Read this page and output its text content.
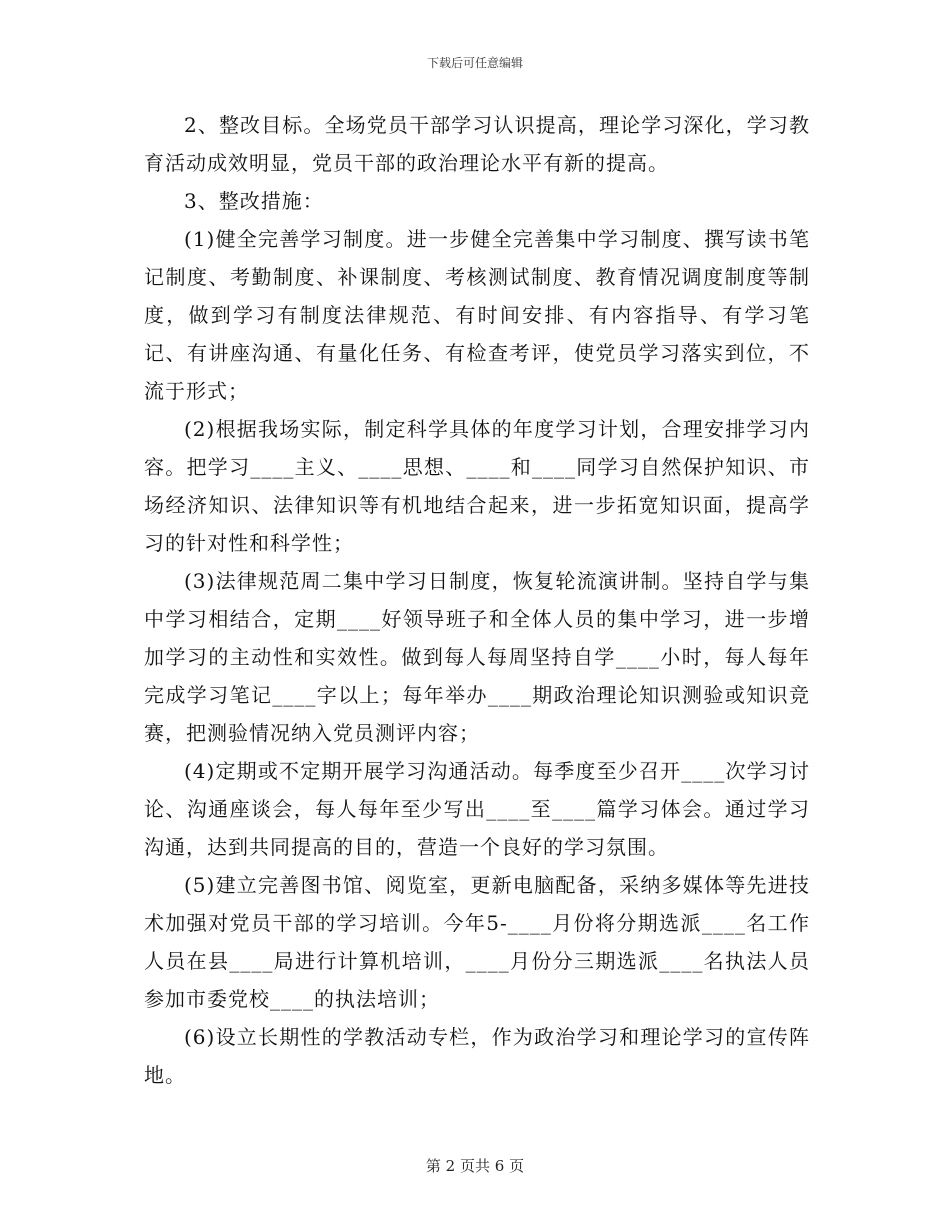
下载后可任意编辑

2、整改目标。全场党员干部学习认识提高，理论学习深化，学习教育活动成效明显，党员干部的政治理论水平有新的提高。

3、整改措施：

(1)健全完善学习制度。进一步健全完善集中学习制度、撰写读书笔记制度、考勤制度、补课制度、考核测试制度、教育情况调度制度等制度，做到学习有制度法律规范、有时间安排、有内容指导、有学习笔记、有讲座沟通、有量化任务、有检查考评，使党员学习落实到位，不流于形式；

(2)根据我场实际，制定科学具体的年度学习计划，合理安排学习内容。把学习____主义、____思想、____和____同学习自然保护知识、市场经济知识、法律知识等有机地结合起来，进一步拓宽知识面，提高学习的针对性和科学性；

(3)法律规范周二集中学习日制度，恢复轮流演讲制。坚持自学与集中学习相结合，定期____好领导班子和全体人员的集中学习，进一步增加学习的主动性和实效性。做到每人每周坚持自学____小时，每人每年完成学习笔记____字以上；每年举办____期政治理论知识测验或知识竞赛，把测验情况纳入党员测评内容；

(4)定期或不定期开展学习沟通活动。每季度至少召开____次学习讨论、沟通座谈会，每人每年至少写出____至____篇学习体会。通过学习沟通，达到共同提高的目的，营造一个良好的学习氛围。

(5)建立完善图书馆、阅览室，更新电脑配备，采纳多媒体等先进技术加强对党员干部的学习培训。今年5-____月份将分期选派____名工作人员在县____局进行计算机培训，____月份分三期选派____名执法人员参加市委党校____的执法培训；

(6)设立长期性的学教活动专栏，作为政治学习和理论学习的宣传阵地。

第 2 页共 6 页
